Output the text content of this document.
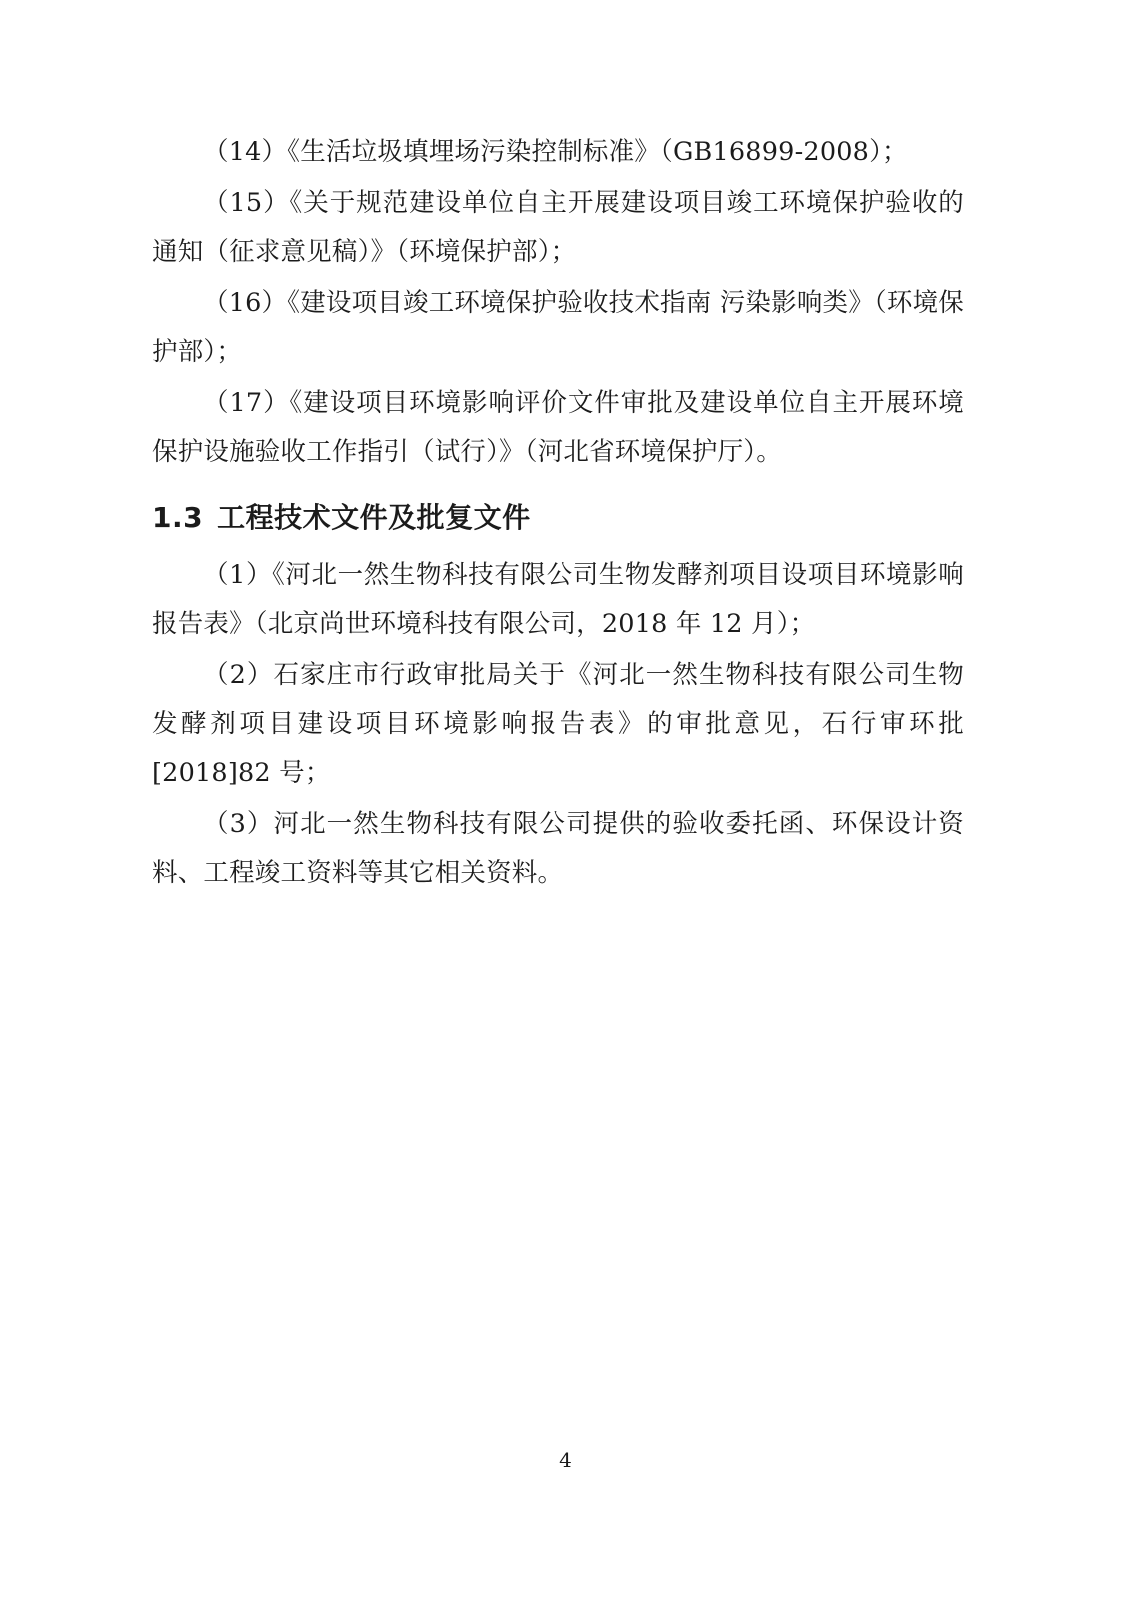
（14）《生活垃圾填埋场污染控制标准》（GB16899-2008）；

（15）《关于规范建设单位自主开展建设项目竣工环境保护验收的通知（征求意见稿）》（环境保护部）；

（16）《建设项目竣工环境保护验收技术指南 污染影响类》（环境保护部）；

（17）《建设项目环境影响评价文件审批及建设单位自主开展环境保护设施验收工作指引（试行）》（河北省环境保护厅）。

1.3 工程技术文件及批复文件

（1）《河北一然生物科技有限公司生物发酵剂项目设项目环境影响报告表》（北京尚世环境科技有限公司，2018 年 12 月）；

（2）石家庄市行政审批局关于《河北一然生物科技有限公司生物发酵剂项目建设项目环境影响报告表》的审批意见，石行审环批[2018]82 号；

（3）河北一然生物科技有限公司提供的验收委托函、环保设计资料、工程竣工资料等其它相关资料。

4
